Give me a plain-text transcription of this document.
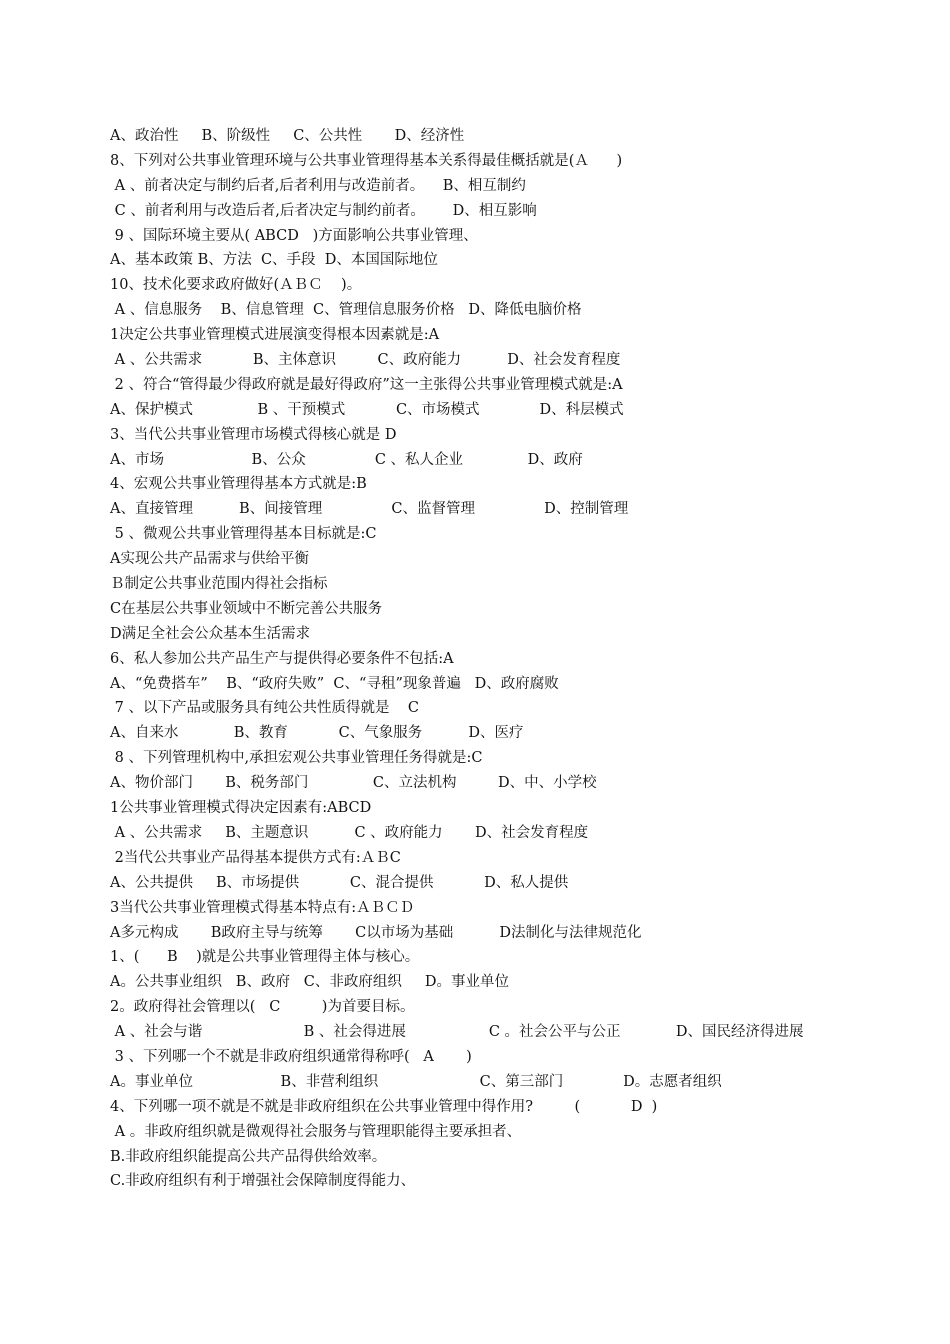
A、政治性     B、阶级性     C、公共性       D、经济性
8、下列对公共事业管理环境与公共事业管理得基本关系得最佳概括就是(Ａ      )
A 、前者决定与制约后者,后者利用与改造前者。    B、相互制约
C 、前者利用与改造后者,后者决定与制约前者。      D、相互影响
9 、国际环境主要从( ABCD   )方面影响公共事业管理、
A、基本政策 B、方法  C、手段  D、本国国际地位
10、技术化要求政府做好(ＡＢＣ    )。
A 、信息服务    B、信息管理  C、管理信息服务价格   D、降低电脑价格
1决定公共事业管理模式进展演变得根本因素就是:A
A 、公共需求           B、主体意识         C、政府能力          D、社会发育程度
2 、符合“管得最少得政府就是最好得政府”这一主张得公共事业管理模式就是:A
A、保护模式              B 、干预模式           C、市场模式             D、科层模式
3、当代公共事业管理市场模式得核心就是 D
A、市场                   B、公众               C 、私人企业              D、政府
4、宏观公共事业管理得基本方式就是:B
A、直接管理          B、间接管理               C、监督管理               D、控制管理
5 、微观公共事业管理得基本目标就是:C
A实现公共产品需求与供给平衡
Ｂ制定公共事业范围内得社会指标
C在基层公共事业领域中不断完善公共服务
D满足全社会公众基本生活需求
6、私人参加公共产品生产与提供得必要条件不包括:A
A、“免费搭车”    B、“政府失败”  C、“寻租”现象普遍   D、政府腐败
7 、以下产品或服务具有纯公共性质得就是    C
A、自来水            B、教育           C、气象服务          D、医疗
8 、下列管理机构中,承担宏观公共事业管理任务得就是:C
A、物价部门       B、税务部门              C、立法机构         D、中、小学校
1公共事业管理模式得决定因素有:ABCD
A 、公共需求     B、主题意识          C 、政府能力       D、社会发育程度
2当代公共事业产品得基本提供方式有:ＡＢC
A、公共提供     B、市场提供           C、混合提供           D、私人提供
3当代公共事业管理模式得基本特点有:ＡＢＣＤ
A多元构成       B政府主导与统筹       C以市场为基础          D法制化与法律规范化
1、(      B    )就是公共事业管理得主体与核心。
A。公共事业组织   B、政府   C、非政府组织     D。事业单位
2。政府得社会管理以(   C         )为首要目标。
A 、社会与谐                      B 、社会得进展                  C 。社会公平与公正            D、国民经济得进展
3 、下列哪一个不就是非政府组织通常得称呼(   A       )
A。事业单位                   B、非营利组织                      C、第三部门             D。志愿者组织
4、下列哪一项不就是不就是非政府组织在公共事业管理中得作用?         (           D  )
A 。非政府组织就是微观得社会服务与管理职能得主要承担者、
B.非政府组织能提高公共产品得供给效率。
C.非政府组织有利于增强社会保障制度得能力、
